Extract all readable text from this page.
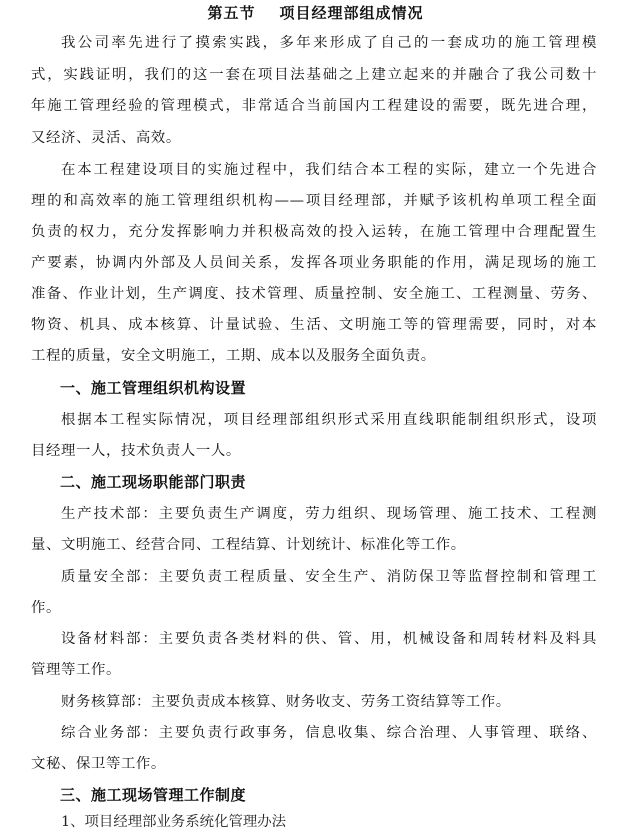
第五节 项目经理部组成情况
我公司率先进行了摸索实践，多年来形成了自己的一套成功的施工管理模
式，实践证明，我们的这一套在项目法基础之上建立起来的并融合了我公司数十
年施工管理经验的管理模式，非常适合当前国内工程建设的需要，既先进合理，
又经济、灵活、高效。
在本工程建设项目的实施过程中，我们结合本工程的实际，建立一个先进合
理的和高效率的施工管理组织机构——项目经理部，并赋予该机构单项工程全面
负责的权力，充分发挥影响力并积极高效的投入运转，在施工管理中合理配置生
产要素，协调内外部及人员间关系，发挥各项业务职能的作用，满足现场的施工
准备、作业计划，生产调度、技术管理、质量控制、安全施工、工程测量、劳务、
物资、机具、成本核算、计量试验、生活、文明施工等的管理需要，同时，对本
工程的质量，安全文明施工，工期、成本以及服务全面负责。
一、施工管理组织机构设置
根据本工程实际情况，项目经理部组织形式采用直线职能制组织形式，设项
目经理一人，技术负责人一人。
二、施工现场职能部门职责
生产技术部：主要负责生产调度，劳力组织、现场管理、施工技术、工程测
量、文明施工、经营合同、工程结算、计划统计、标准化等工作。
质量安全部：主要负责工程质量、安全生产、消防保卫等监督控制和管理工
作。
设备材料部：主要负责各类材料的供、管、用，机械设备和周转材料及料具
管理等工作。
财务核算部：主要负责成本核算、财务收支、劳务工资结算等工作。
综合业务部：主要负责行政事务，信息收集、综合治理、人事管理、联络、
文秘、保卫等工作。
三、施工现场管理工作制度
1、项目经理部业务系统化管理办法
